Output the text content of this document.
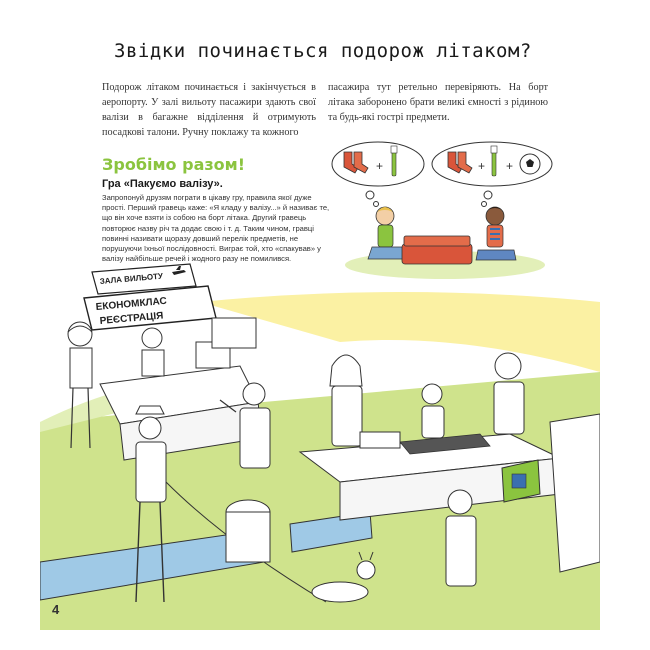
Звідки починається подорож літаком?
Подорож літаком починається і закінчується в аеропорту. У залі вильоту пасажири здають свої валізи в багажне відділення й отримують посадкові талони. Ручну поклажу та кожного
пасажира тут ретельно перевіряють. На борт літака заборонено брати великі ємності з рідиною та будь-які гострі предмети.
Зробімо разом!
Гра «Пакуємо валізу».
Запропонуй друзям пограти в цікаву гру, правила якої дуже прості. Перший гравець каже: «Я кладу у валізу...» й називає те, що він хоче взяти із собою на борт літака. Другий гравець повторює назву річ та додає свою і т. д. Таким чином, гравці повинні називати щоразу довший перелік предметів, не порушуючи їхньої послідовності. Виграє той, хто «спакував» у валізу найбільше речей і жодного разу не помилився.
+	+ +
ЗАЛА ВИЛЬОТУ
ЕКОНОМКЛАС
РЕЄСТРАЦІЯ
4
